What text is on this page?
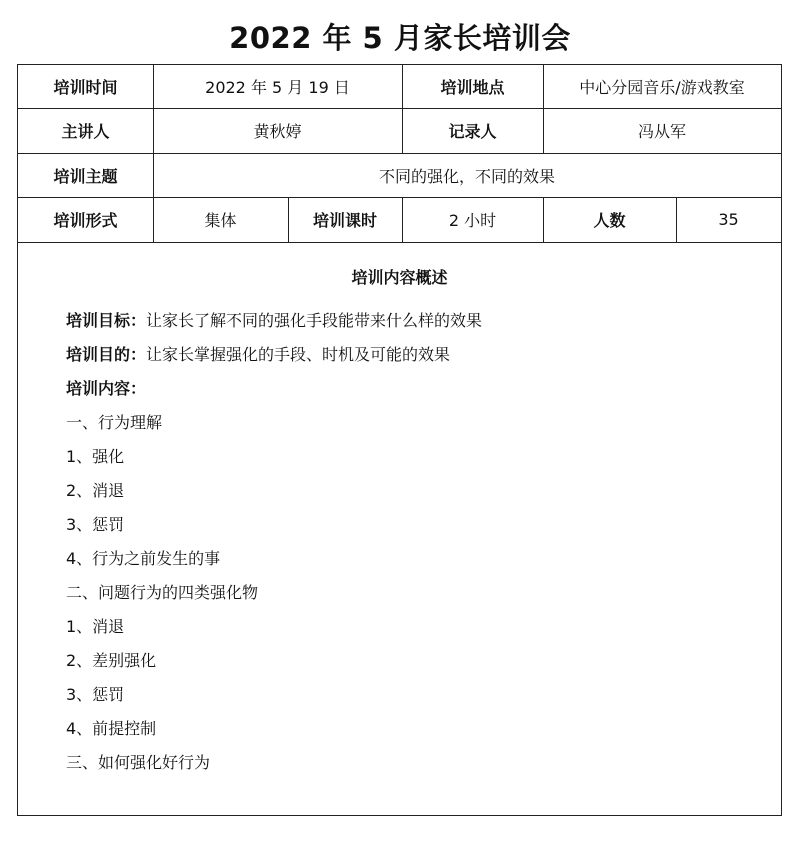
2022 年 5 月家长培训会
培训时间	2022 年 5 月 19 日	培训地点	中心分园音乐/游戏教室
主讲人	黄秋婷	记录人	冯从军
培训主题	不同的强化，不同的效果
培训形式	集体	培训课时	2 小时	人数	35
培训内容概述
培训目标：让家长了解不同的强化手段能带来什么样的效果
培训目的：让家长掌握强化的手段、时机及可能的效果
培训内容：
一、行为理解
1、强化
2、消退
3、惩罚
4、行为之前发生的事
二、问题行为的四类强化物
1、消退
2、差别强化
3、惩罚
4、前提控制
三、如何强化好行为
